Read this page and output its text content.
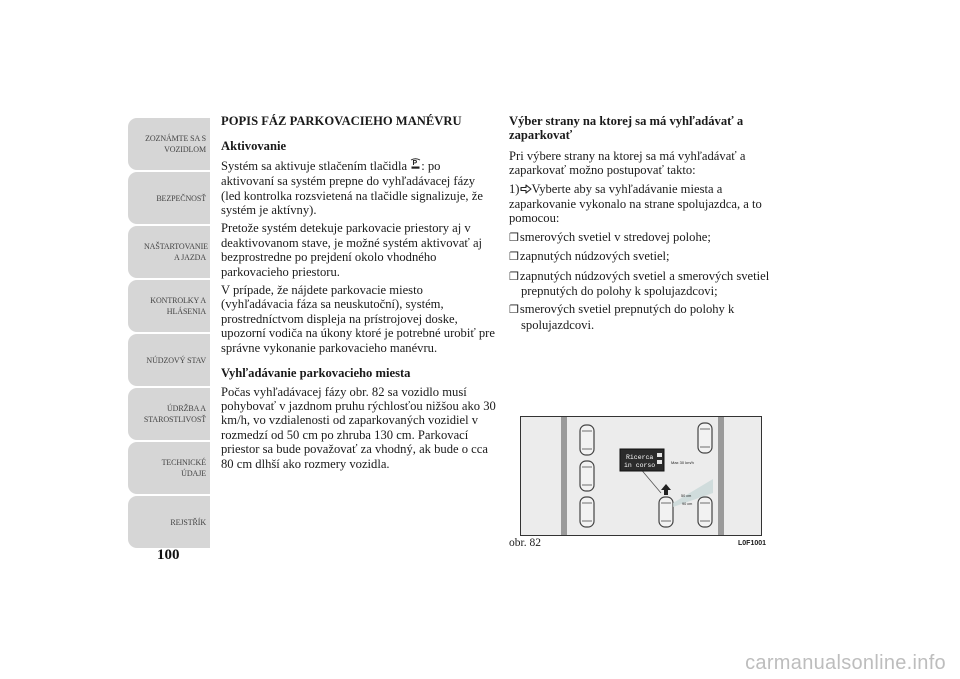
ZOZNÁMTE SA S VOZIDLOM
BEZPEČNOSŤ
NAŠTARTOVANIE A JAZDA
KONTROLKY A HLÁSENIA
NÚDZOVÝ STAV
ÚDRŽBA A STAROSTLIVOSŤ
TECHNICKÉ ÚDAJE
REJSTŘÍK
100
POPIS FÁZ PARKOVACIEHO MANÉVRU
Aktivovanie

Systém sa aktivuje stlačením tlačidla P : po aktivovaní sa systém prepne do vyhľadávacej fázy (led kontrolka rozsvietená na tlačidle signalizuje, že systém je aktívny).

Pretože systém detekuje parkovacie priestory aj v deaktivovanom stave, je možné systém aktivovať aj bezprostredne po prejdení okolo vhodného parkovacieho priestoru.

V prípade, že nájdete parkovacie miesto (vyhľadávacia fáza sa neuskutoční), systém, prostredníctvom displeja na prístrojovej doske, upozorní vodiča na úkony ktoré je potrebné urobiť pre správne vykonanie parkovacieho manévru.

Vyhľadávanie parkovacieho miesta

Počas vyhľadávacej fázy obr. 82 sa vozidlo musí pohybovať v jazdnom pruhu rýchlosťou nižšou ako 30 km/h, vo vzdialenosti od zaparkovaných vozidiel v rozmedzí od 50 cm po zhruba 130 cm. Parkovací priestor sa bude považovať za vhodný, ak bude o cca 80 cm dlhší ako rozmery vozidla.

Výber strany na ktorej sa má vyhľadávať a zaparkovať

Pri výbere strany na ktorej sa má vyhľadávať a zaparkovať možno postupovať takto:

1) Vyberte aby sa vyhľadávanie miesta a zaparkovanie vykonalo na strane spolujazdca, a to pomocou:

❐smerových svetiel v stredovej polohe;
❐zapnutých núdzových svetiel;
❐zapnutých núdzových svetiel a smerových svetiel prepnutých do polohy k spolujazdcovi;
❐smerových svetiel prepnutých do polohy k spolujazdcovi.
Ricerca
in corso	Max 30 km/h
50 cm
90 cm
obr. 82	L0F1001
carmanualsonline.info
